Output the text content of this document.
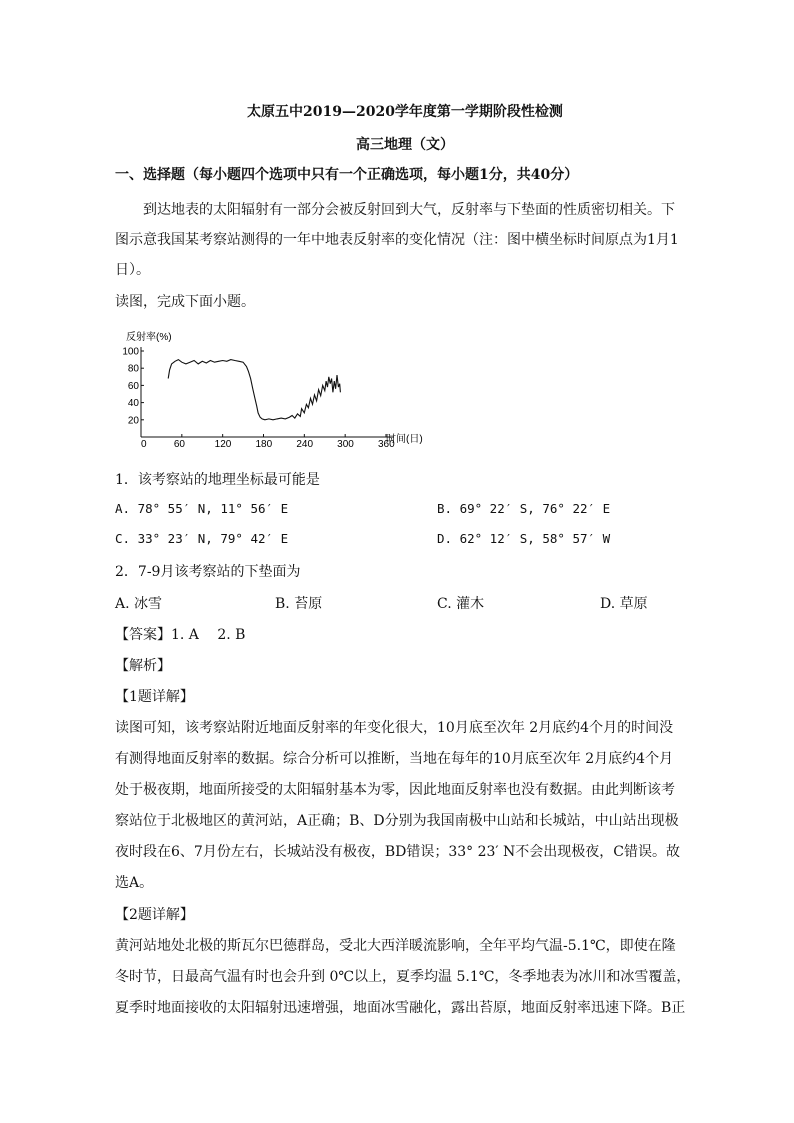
太原五中2019—2020学年度第一学期阶段性检测
高三地理（文）
一、选择题（每小题四个选项中只有一个正确选项，每小题1分，共40分）
到达地表的太阳辐射有一部分会被反射回到大气，反射率与下垫面的性质密切相关。下
图示意我国某考察站测得的一年中地表反射率的变化情况（注：图中横坐标时间原点为1月1
日）。
读图，完成下面小题。
反射率(%)
0	60	120 180 240 300 360
100
80
60
40
20
时间(日)
1．该考察站的地理坐标最可能是
A. 78° 55′ N, 11° 56′ E	B. 69° 22′ S, 76° 22′ E
C. 33° 23′ N, 79° 42′ E	D. 62° 12′ S, 58° 57′ W
2．7-9月该考察站的下垫面为
A. 冰雪	B. 苔原	C. 灌木	D. 草原
【答案】1. A　 2. B
【解析】
【1题详解】
读图可知，该考察站附近地面反射率的年变化很大，10月底至次年 2月底约4个月的时间没
有测得地面反射率的数据。综合分析可以推断，当地在每年的10月底至次年 2月底约4个月
处于极夜期，地面所接受的太阳辐射基本为零，因此地面反射率也没有数据。由此判断该考
察站位于北极地区的黄河站，A正确；B、D分别为我国南极中山站和长城站，中山站出现极
夜时段在6、7月份左右，长城站没有极夜，BD错误；33° 23′ N不会出现极夜，C错误。故
选A。
【2题详解】
黄河站地处北极的斯瓦尔巴德群岛，受北大西洋暖流影响，全年平均气温-5.1℃，即使在隆
冬时节，日最高气温有时也会升到 0℃以上，夏季均温 5.1℃，冬季地表为冰川和冰雪覆盖，
夏季时地面接收的太阳辐射迅速增强，地面冰雪融化，露出苔原，地面反射率迅速下降。B正
